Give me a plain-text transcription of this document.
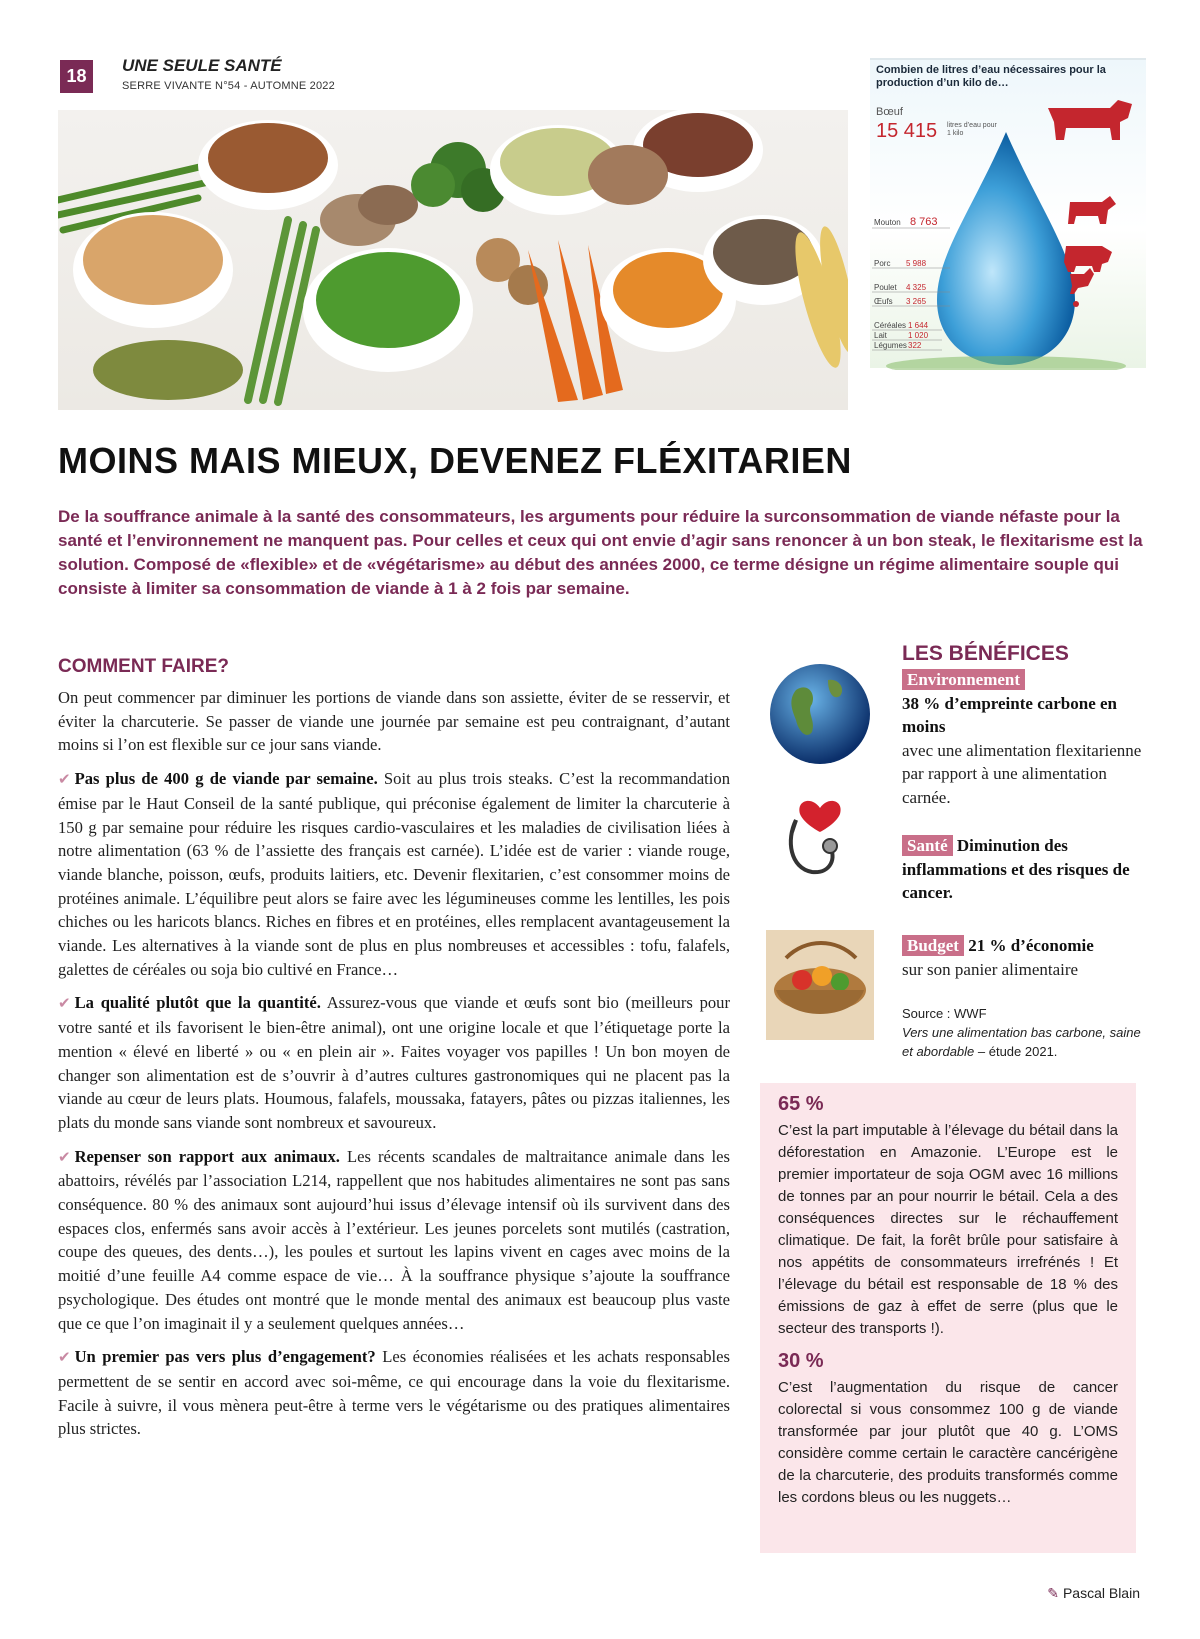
18
UNE SEULE SANTÉ
SERRE VIVANTE N°54 - AUTOMNE 2022
Combien de litres d’eau nécessaires pour la production d’un kilo de…
Bœuf
15 415 litres d’eau pour 1 kilo
Mouton 8 763
Porc 5 988
Poulet 4 325
Œufs 3 265
Céréales 1 644
Lait	1 020
Légumes 322
MOINS MAIS MIEUX, DEVENEZ FLÉXITARIEN

De la souffrance animale à la santé des consommateurs, les arguments pour réduire la surconsommation de viande néfaste pour la santé et l’environnement ne manquent pas. Pour celles et ceux qui ont envie d’agir sans renoncer à un bon steak, le flexitarisme est la solution. Composé de «flexible» et de «végétarisme» au début des années 2000, ce terme désigne un régime alimentaire souple qui consiste à limiter sa consommation de viande à 1 à 2 fois par semaine.

COMMENT FAIRE?

On peut commencer par diminuer les portions de viande dans son assiette, éviter de se resservir, et éviter la charcuterie. Se passer de viande une journée par semaine est peu contraignant, d’autant moins si l’on est flexible sur ce jour sans viande.

✔ Pas plus de 400 g de viande par semaine. Soit au plus trois steaks. C’est la recommandation émise par le Haut Conseil de la santé publique, qui préconise également de limiter la charcuterie à 150 g par semaine pour réduire les risques cardio-vasculaires et les maladies de civilisation liées à notre alimentation (63 % de l’assiette des français est carnée). L’idée est de varier : viande rouge, viande blanche, poisson, œufs, produits laitiers, etc. Devenir flexitarien, c’est consommer moins de protéines animale. L’équilibre peut alors se faire avec les légumineuses comme les lentilles, les pois chiches ou les haricots blancs. Riches en fibres et en protéines, elles remplacent avantageusement la viande. Les alternatives à la viande sont de plus en plus nombreuses et accessibles : tofu, falafels, galettes de céréales ou soja bio cultivé en France…

✔ La qualité plutôt que la quantité. Assurez-vous que viande et œufs sont bio (meilleurs pour votre santé et ils favorisent le bien-être animal), ont une origine locale et que l’étiquetage porte la mention « élevé en liberté » ou « en plein air ». Faites voyager vos papilles ! Un bon moyen de changer son alimentation est de s’ouvrir à d’autres cultures gastronomiques qui ne placent pas la viande au cœur de leurs plats. Houmous, falafels, moussaka, fatayers, pâtes ou pizzas italiennes, les plats du monde sans viande sont nombreux et savoureux.

✔ Repenser son rapport aux animaux. Les récents scandales de maltraitance animale dans les abattoirs, révélés par l’association L214, rappellent que nos habitudes alimentaires ne sont pas sans conséquence. 80 % des animaux sont aujourd’hui issus d’élevage intensif où ils survivent dans des espaces clos, enfermés sans avoir accès à l’extérieur. Les jeunes porcelets sont mutilés (castration, coupe des queues, des dents…), les poules et surtout les lapins vivent en cages avec moins de la moitié d’une feuille A4 comme espace de vie… À la souffrance physique s’ajoute la souffrance psychologique. Des études ont montré que le monde mental des animaux est beaucoup plus vaste que ce que l’on imaginait il y a seulement quelques années…

✔ Un premier pas vers plus d’engagement? Les économies réalisées et les achats responsables permettent de se sentir en accord avec soi-même, ce qui encourage dans la voie du flexitarisme. Facile à suivre, il vous mènera peut-être à terme vers le végétarisme ou des pratiques alimentaires plus strictes.

LES BÉNÉFICES
Environnement
38 % d’empreinte carbone en moins
avec une alimentation flexitarienne par rapport à une alimentation carnée.
Santé Diminution des inflammations et des risques de cancer.
Budget 21 % d’économie
sur son panier alimentaire
Source : WWF
Vers une alimentation bas carbone, saine et abordable – étude 2021.
65 %
C’est la part imputable à l’élevage du bétail dans la déforestation en Amazonie. L’Europe est le premier importateur de soja OGM avec 16 millions de tonnes par an pour nourrir le bétail. Cela a des conséquences directes sur le réchauffement climatique. De fait, la forêt brûle pour satisfaire à nos appétits de consommateurs irrefrénés ! Et l’élevage du bétail est responsable de 18 % des émissions de gaz à effet de serre (plus que le secteur des transports !).
30 %
C’est l’augmentation du risque de cancer colorectal si vous consommez 100 g de viande transformée par jour plutôt que 40 g. L’OMS considère comme certain le caractère cancérigène de la charcuterie, des produits transformés comme les cordons bleus ou les nuggets…
✎ Pascal Blain
